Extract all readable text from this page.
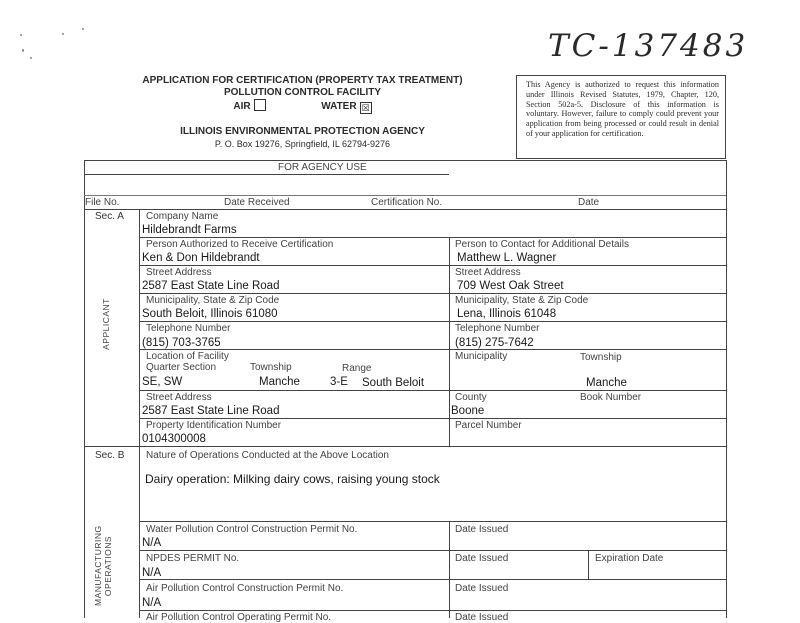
TC-137483
APPLICATION FOR CERTIFICATION (PROPERTY TAX TREATMENT)
POLLUTION CONTROL FACILITY
AIR	WATER ☒
ILLINOIS ENVIRONMENTAL PROTECTION AGENCY
P. O. Box 19276, Springfield, IL 62794-9276
This Agency is authorized to request this information under Illinois Revised Statutes, 1979, Chapter, 120, Section 502a-5. Disclosure of this information is voluntary. However, failure to comply could prevent your application from being processed or could result in denial of your application for certification.
FOR AGENCY USE
File No.	Date Received	Certification No.	Date
Sec. A
APPLICANT
Company Name
Hildebrandt Farms
Person Authorized to Receive Certification
Ken & Don Hildebrandt
Person to Contact for Additional Details
Matthew L. Wagner
Street Address
2587 East State Line Road
Street Address
709 West Oak Street
Municipality, State & Zip Code
South Beloit, Illinois 61080
Municipality, State & Zip Code
Lena, Illinois 61048
Telephone Number
(815) 703-3765
Telephone Number
(815) 275-7642
Location of Facility
Quarter Section	Township	Range
SE, SW	Manche	3-E
Municipality	Township
South Beloit	Manche
Street Address
2587 East State Line Road
County
Boone
Book Number
Property Identification Number
0104300008
Parcel Number
Sec. B
MANUFACTURING OPERATIONS
Nature of Operations Conducted at the Above Location
Dairy operation: Milking dairy cows, raising young stock
Water Pollution Control Construction Permit No.
N/A
Date Issued
NPDES PERMIT No.
N/A
Date Issued	Expiration Date
Air Pollution Control Construction Permit No.
N/A
Date Issued
Air Pollution Control Operating Permit No.	Date Issued
